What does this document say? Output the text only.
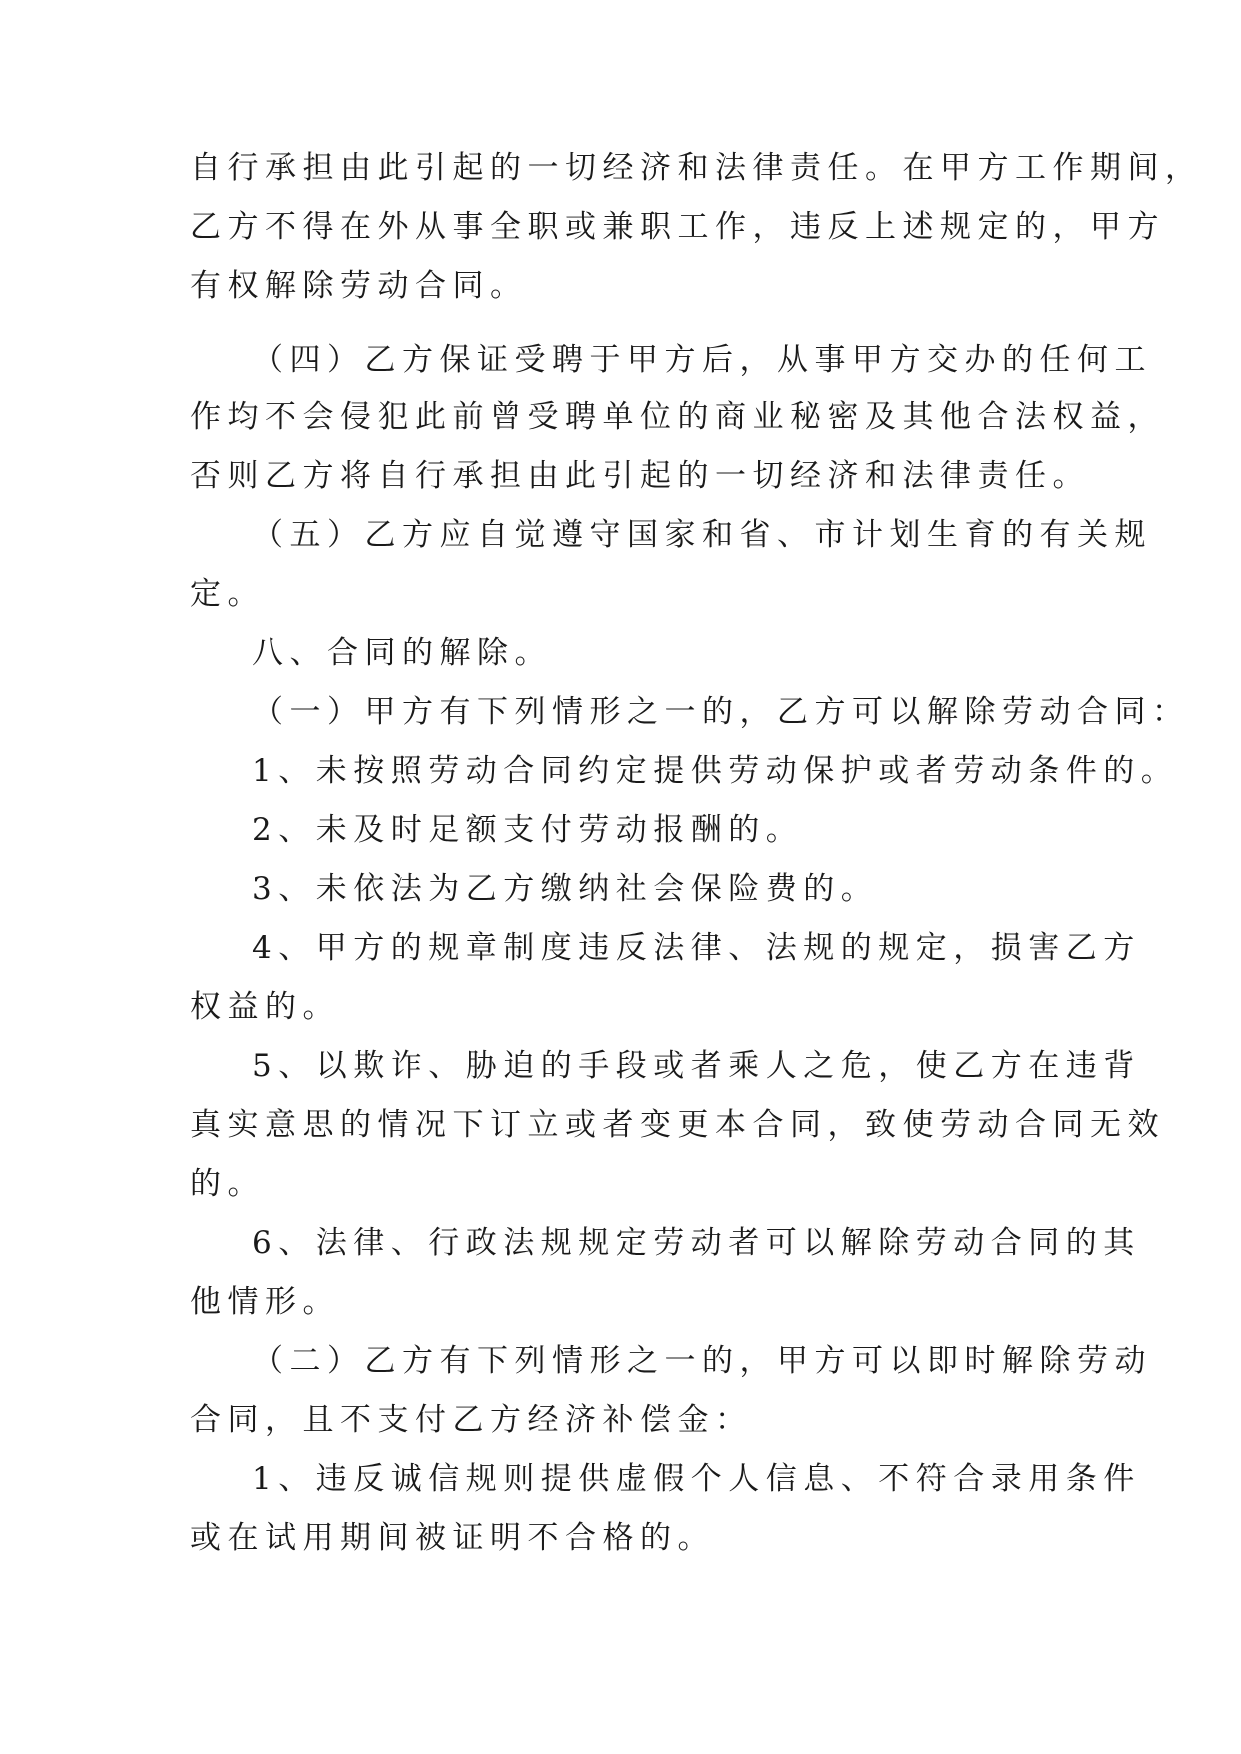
自行承担由此引起的一切经济和法律责任。在甲方工作期间，
乙方不得在外从事全职或兼职工作，违反上述规定的，甲方
有权解除劳动合同。
（四）乙方保证受聘于甲方后，从事甲方交办的任何工
作均不会侵犯此前曾受聘单位的商业秘密及其他合法权益，
否则乙方将自行承担由此引起的一切经济和法律责任。
（五）乙方应自觉遵守国家和省、市计划生育的有关规
定。
八、合同的解除。
（一）甲方有下列情形之一的，乙方可以解除劳动合同：
1、未按照劳动合同约定提供劳动保护或者劳动条件的。
2、未及时足额支付劳动报酬的。
3、未依法为乙方缴纳社会保险费的。
4、甲方的规章制度违反法律、法规的规定，损害乙方
权益的。
5、以欺诈、胁迫的手段或者乘人之危，使乙方在违背
真实意思的情况下订立或者变更本合同，致使劳动合同无效
的。
6、法律、行政法规规定劳动者可以解除劳动合同的其
他情形。
（二）乙方有下列情形之一的，甲方可以即时解除劳动
合同，且不支付乙方经济补偿金：
1、违反诚信规则提供虚假个人信息、不符合录用条件
或在试用期间被证明不合格的。
